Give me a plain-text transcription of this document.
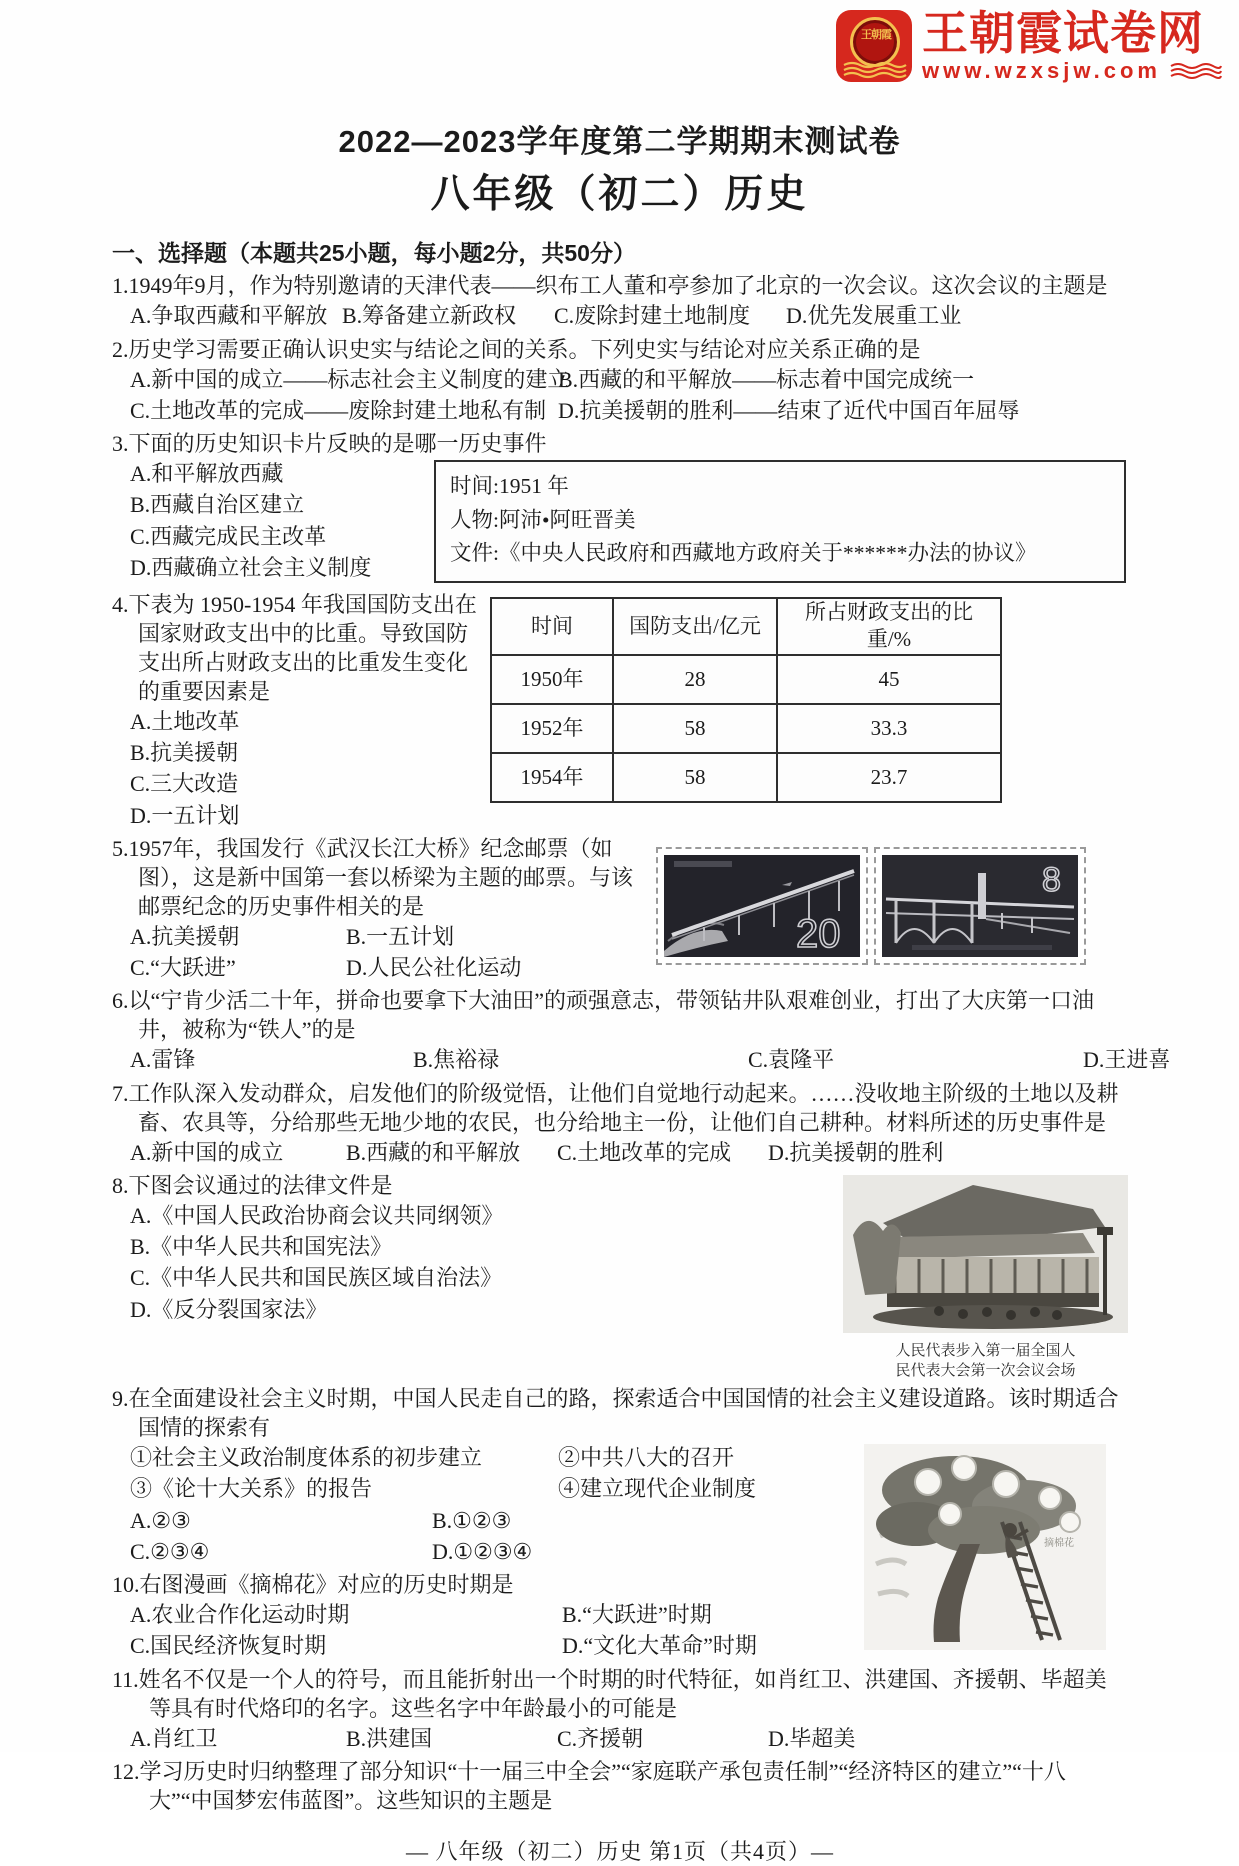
王朝霞 王朝霞试卷网
www.wzxsjw.com
2022—2023学年度第二学期期末测试卷
八年级（初二）历史

一、选择题（本题共25小题，每小题2分，共50分）

1.1949年9月，作为特别邀请的天津代表——织布工人董和亭参加了北京的一次会议。这次会议的主题是

A.争取西藏和平解放 B.筹备建立新政权	C.废除封建土地制度	D.优先发展重工业

2.历史学习需要正确认识史实与结论之间的关系。下列史实与结论对应关系正确的是

A.新中国的成立——标志社会主义制度的建立
B.西藏的和平解放——标志着中国完成统一
C.土地改革的完成——废除封建土地私有制 D.抗美援朝的胜利——结束了近代中国百年屈辱

3.下面的历史知识卡片反映的是哪一历史事件

时间:1951 年
人物:阿沛•阿旺晋美
文件:《中央人民政府和西藏地方政府关于******办法的协议》
A.和平解放西藏
B.西藏自治区建立
C.西藏完成民主改革
D.西藏确立社会主义制度

4.下表为 1950-1954 年我国国防支出在国家财政支出中的比重。导致国防支出所占财政支出的比重发生变化的重要因素是

A.土地改革
B.抗美援朝
C.三大改造
D.一五计划
时间	国防支出/亿元	所占财政支出的比重/%
1950年	28	45
1952年	58	33.3
1954年	58	23.7

5.1957年，我国发行《武汉长江大桥》纪念邮票（如图），这是新中国第一套以桥梁为主题的邮票。与该邮票纪念的历史事件相关的是

A.抗美援朝	B.一五计划
C.“大跃进”	D.人民公社化运动
20
8

6.以“宁肯少活二十年，拼命也要拿下大油田”的顽强意志，带领钻井队艰难创业，打出了大庆第一口油井，被称为“铁人”的是

A.雷锋	B.焦裕禄	C.袁隆平	D.王进喜

7.工作队深入发动群众，启发他们的阶级觉悟，让他们自觉地行动起来。……没收地主阶级的土地以及耕畜、农具等，分给那些无地少地的农民，也分给地主一份，让他们自己耕种。材料所述的历史事件是

A.新中国的成立	B.西藏的和平解放	C.土地改革的完成	D.抗美援朝的胜利
人民代表步入第一届全国人
民代表大会第一次会议会场

8.下图会议通过的法律文件是

A.《中国人民政治协商会议共同纲领》
B.《中华人民共和国宪法》
C.《中华人民共和国民族区域自治法》
D.《反分裂国家法》

9.在全面建设社会主义时期，中国人民走自己的路，探索适合中国国情的社会主义建设道路。该时期适合国情的探索有

摘棉花
①社会主义政治制度体系的初步建立	②中共八大的召开
③《论十大关系》的报告	④建立现代企业制度
A.②③	B.①②③
C.②③④	D.①②③④

10.右图漫画《摘棉花》对应的历史时期是

A.农业合作化运动时期	B.“大跃进”时期
C.国民经济恢复时期	D.“文化大革命”时期

11.姓名不仅是一个人的符号，而且能折射出一个时期的时代特征，如肖红卫、洪建国、齐援朝、毕超美等具有时代烙印的名字。这些名字中年龄最小的可能是

A.肖红卫	B.洪建国	C.齐援朝	D.毕超美

12.学习历史时归纳整理了部分知识“十一届三中全会”“家庭联产承包责任制”“经济特区的建立”“十八大”“中国梦宏伟蓝图”。这些知识的主题是

— 八年级（初二）历史 第1页（共4页）—
